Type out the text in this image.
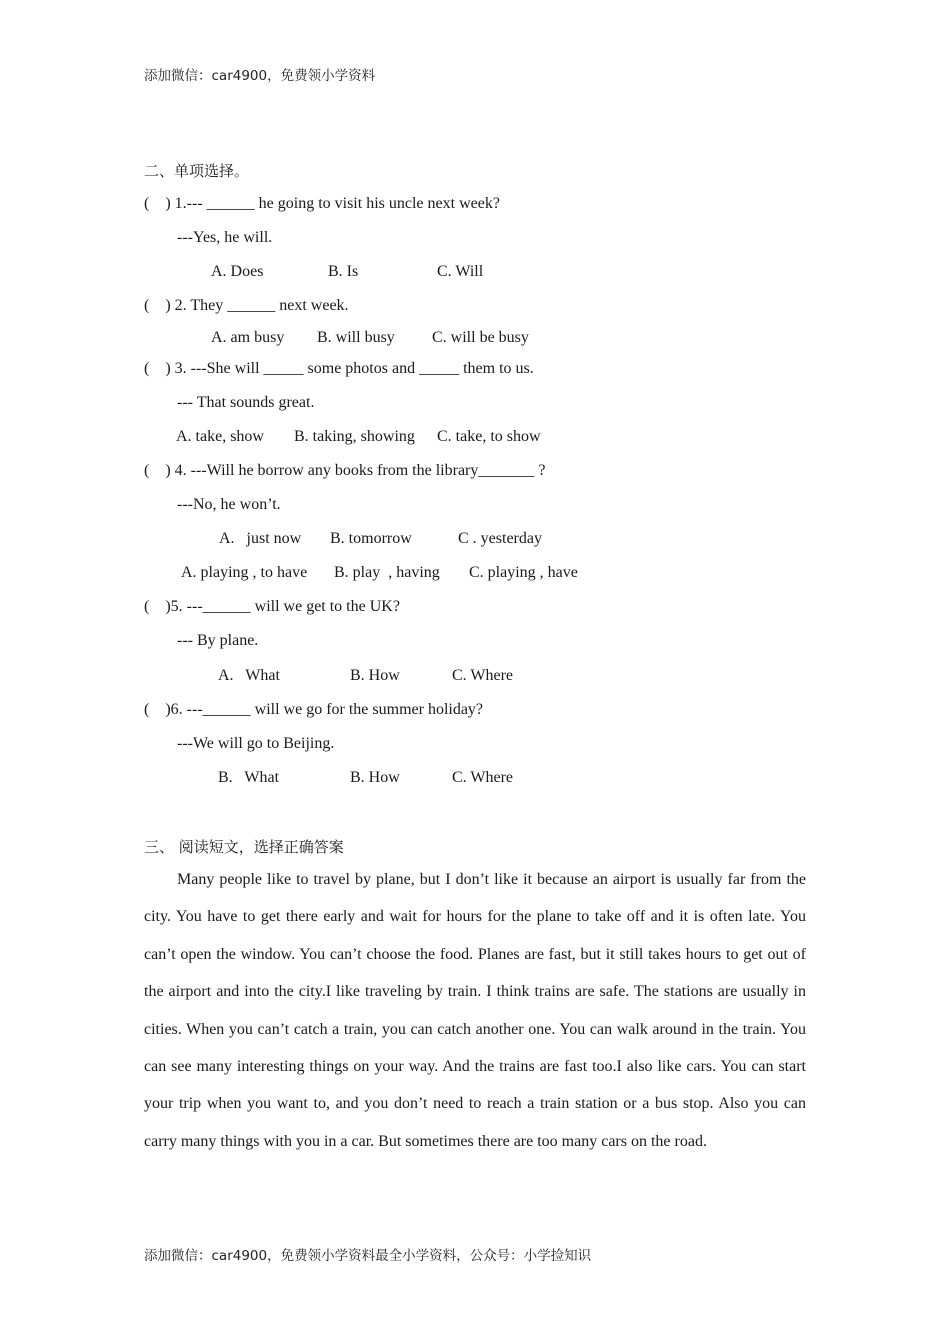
添加微信：car4900，免费领小学资料
二、单项选择。
(    ) 1.--- ______ he going to visit his uncle next week?
---Yes, he will.
A. Does	B. Is	C. Will
(    ) 2. They ______ next week.
A. am busy B. will busy C. will be busy
(    ) 3. ---She will _____ some photos and _____ them to us.
--- That sounds great.
A. take, show B. taking, showing C. take, to show
(    ) 4. ---Will he borrow any books from the library_______ ?
---No, he won’t.
A.   just now B. tomorrow	C . yesterday
A. playing , to have B. play  , having C. playing , have
(    )5. ---______ will we get to the UK?
--- By plane.
A.   What	B. How	C. Where
(    )6. ---______ will we go for the summer holiday?
---We will go to Beijing.
B.   What	B. How	C. Where
三、 阅读短文，选择正确答案
Many people like to travel by plane, but I don’t like it because an airport is usually far from the city. You have to get there early and wait for hours for the plane to take off and it is often late. You can’t open the window. You can’t choose the food. Planes are fast, but it still takes hours to get out of the airport and into the city.I like traveling by train. I think trains are safe. The stations are usually in cities. When you can’t catch a train, you can catch another one. You can walk around in the train. You can see many interesting things on your way. And the trains are fast too.I also like cars. You can start your trip when you want to, and you don’t need to reach a train station or a bus stop. Also you can carry many things with you in a car. But sometimes there are too many cars on the road.
添加微信：car4900，免费领小学资料最全小学资料，公众号：小学捡知识
